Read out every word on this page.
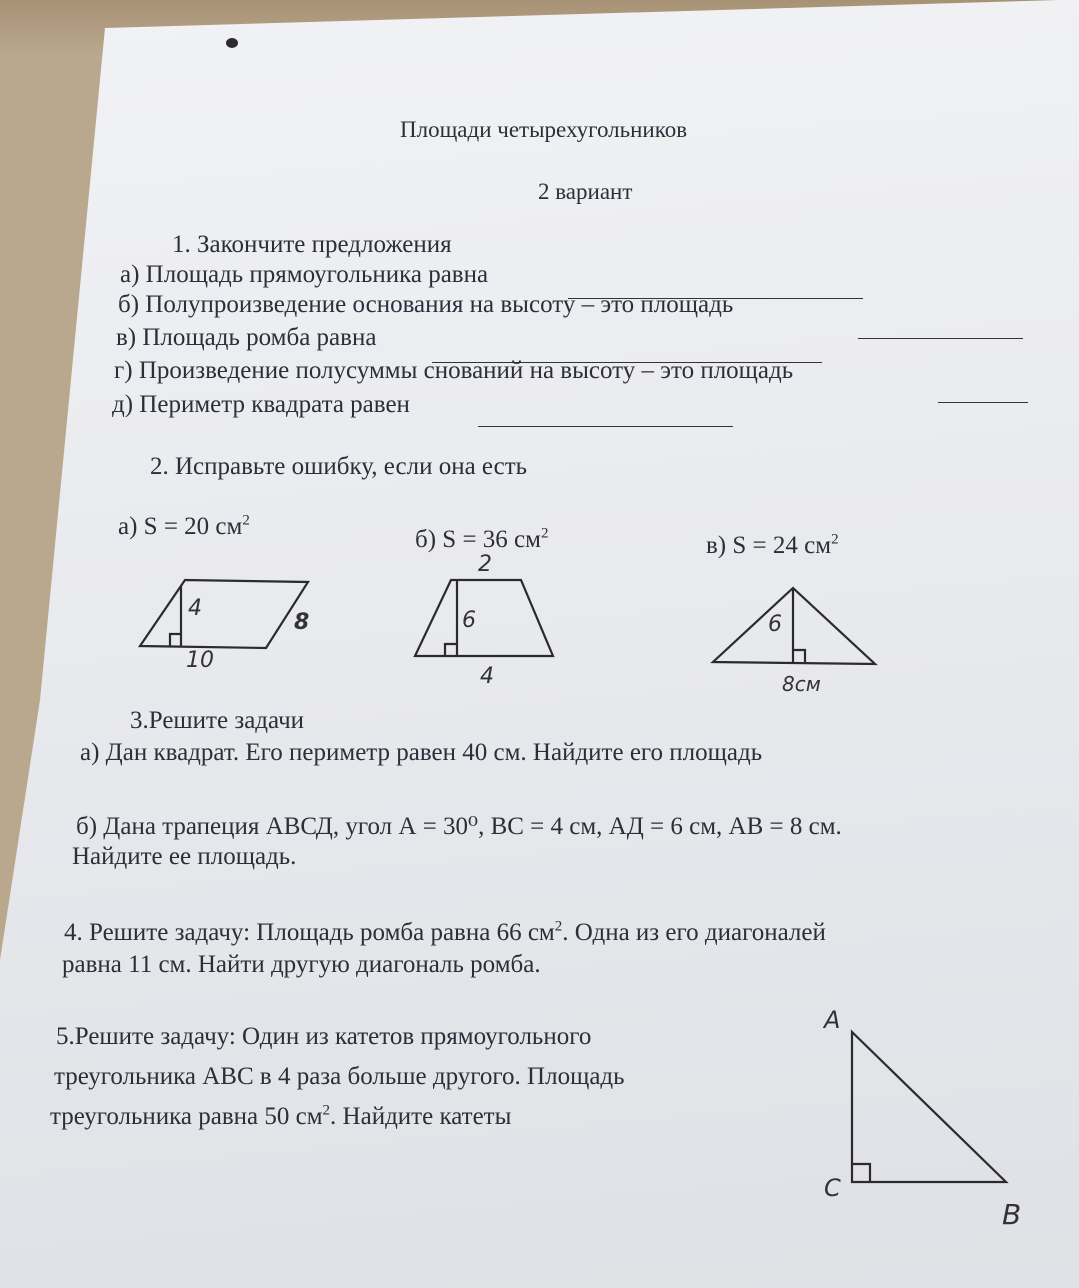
Площади четырехугольников
2 вариант
1. Закончите предложения
а) Площадь прямоугольника равна
б) Полупроизведение основания на высоту – это площадь
в) Площадь ромба равна
г) Произведение полусуммы снований на высоту – это площадь
д) Периметр квадрата равен
2. Исправьте ошибку, если она есть
а) S = 20 $см^2$
б) S = 36 $см^2$	в) S = 24 $см^2$
4
10
8
2
6
4
6
8см
3.Решите задачи
а) Дан квадрат. Его периметр равен 40 см. Найдите его площадь
б) Дана трапеция АВСД, угол А = 30⁰, ВС = 4 см, АД = 6 см, АВ = 8 см.
Найдите ее площадь.
4. Решите задачу: Площадь ромба равна 66 $см^2$. Одна из его диагоналей
равна 11 см. Найти другую диагональ ромба.
5.Решите задачу: Один из катетов прямоугольного
треугольника АВС в 4 раза больше другого. Площадь
треугольника равна 50 $см^2$. Найдите катеты
A
C
B
